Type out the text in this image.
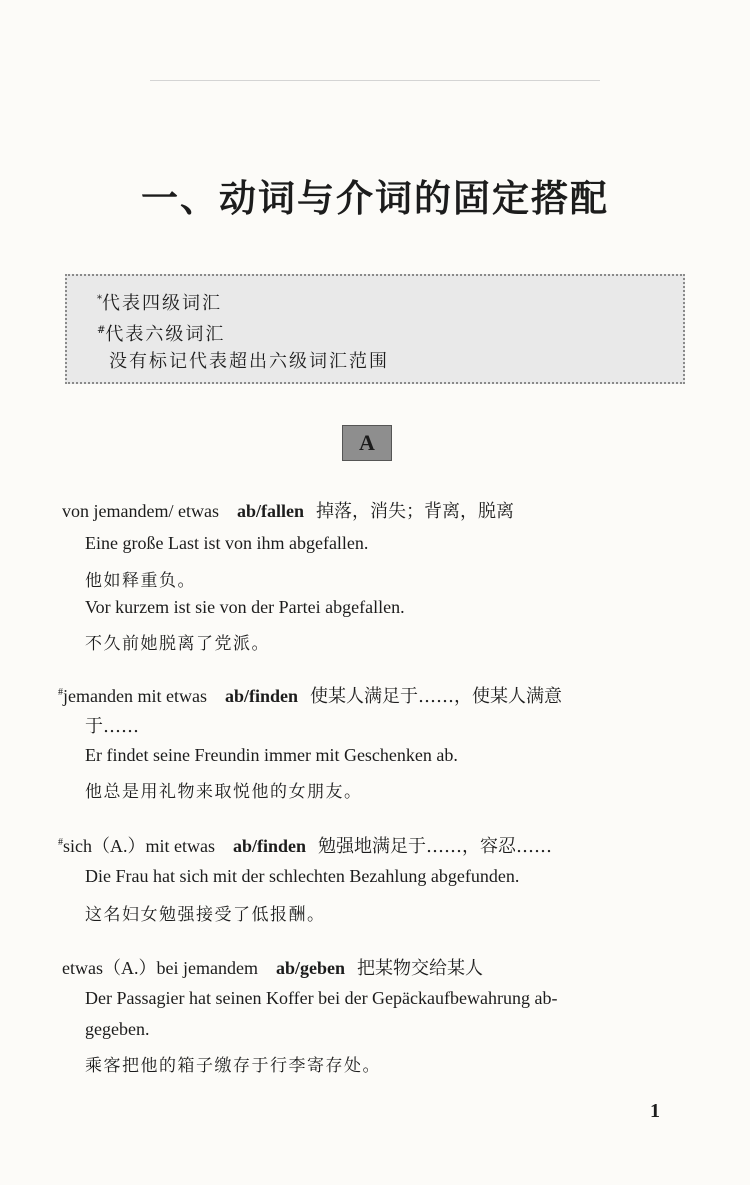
一、动词与介词的固定搭配
*代表四级词汇
#代表六级词汇
没有标记代表超出六级词汇范围
A
von jemandem/ etwas ab/fallen 掉落，消失；背离，脱离
Eine große Last ist von ihm abgefallen.
他如释重负。
Vor kurzem ist sie von der Partei abgefallen.
不久前她脱离了党派。
#jemanden mit etwas ab/finden 使某人满足于……，使某人满意
于……
Er findet seine Freundin immer mit Geschenken ab.
他总是用礼物来取悦他的女朋友。
#sich（A.）mit etwas ab/finden 勉强地满足于……，容忍……
Die Frau hat sich mit der schlechten Bezahlung abgefunden.
这名妇女勉强接受了低报酬。
etwas（A.）bei jemandem ab/geben 把某物交给某人
Der Passagier hat seinen Koffer bei der Gepäckaufbewahrung ab-
gegeben.
乘客把他的箱子缴存于行李寄存处。
1
